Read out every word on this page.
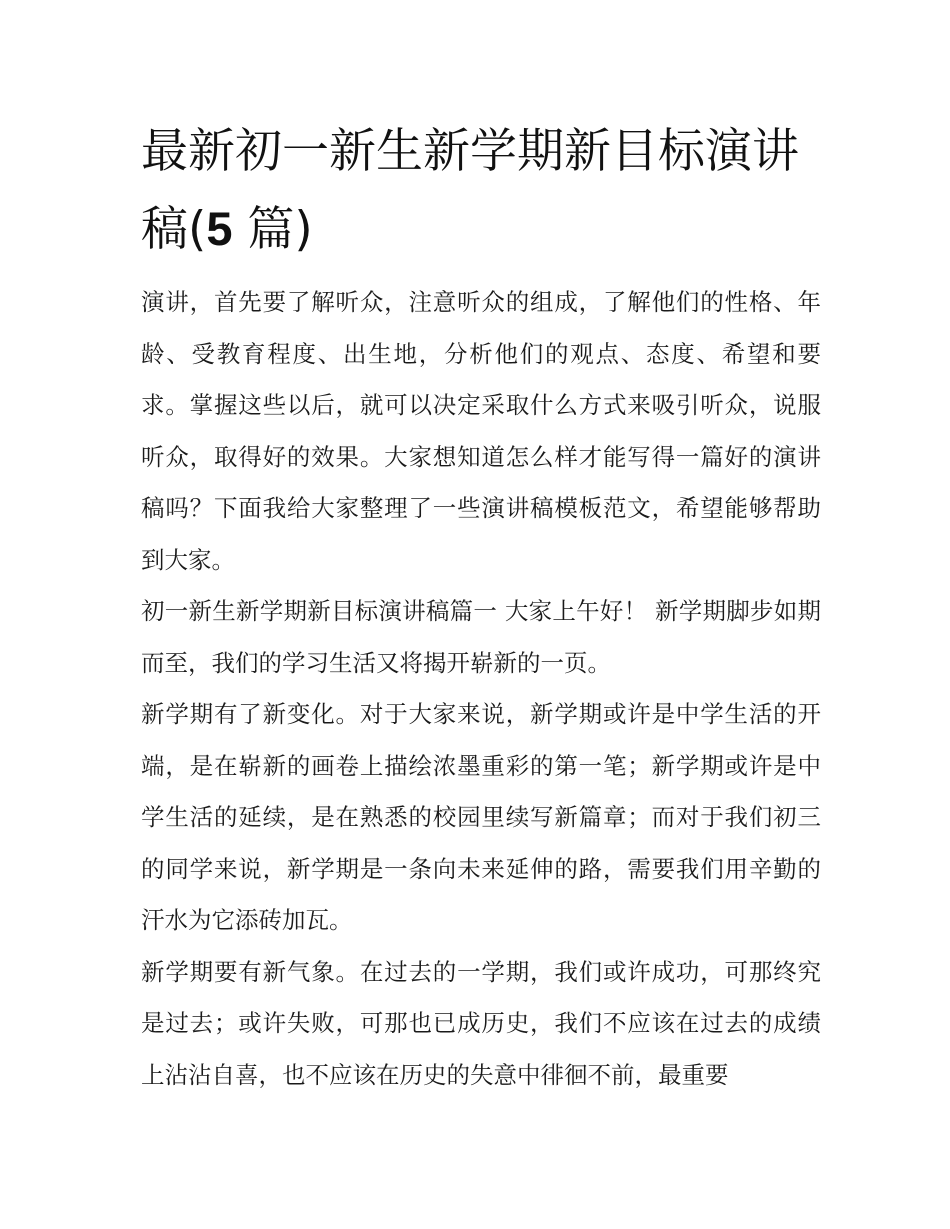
最新初一新生新学期新目标演讲稿(5 篇)

演讲，首先要了解听众，注意听众的组成，了解他们的性格、年龄、受教育程度、出生地，分析他们的观点、态度、希望和要求。掌握这些以后，就可以决定采取什么方式来吸引听众，说服听众，取得好的效果。大家想知道怎么样才能写得一篇好的演讲稿吗？下面我给大家整理了一些演讲稿模板范文，希望能够帮助到大家。

初一新生新学期新目标演讲稿篇一 大家上午好！ 新学期脚步如期而至，我们的学习生活又将揭开崭新的一页。

新学期有了新变化。对于大家来说，新学期或许是中学生活的开端，是在崭新的画卷上描绘浓墨重彩的第一笔；新学期或许是中学生活的延续，是在熟悉的校园里续写新篇章；而对于我们初三的同学来说，新学期是一条向未来延伸的路，需要我们用辛勤的汗水为它添砖加瓦。

新学期要有新气象。在过去的一学期，我们或许成功，可那终究是过去；或许失败，可那也已成历史，我们不应该在过去的成绩上沾沾自喜，也不应该在历史的失意中徘徊不前，最重要
